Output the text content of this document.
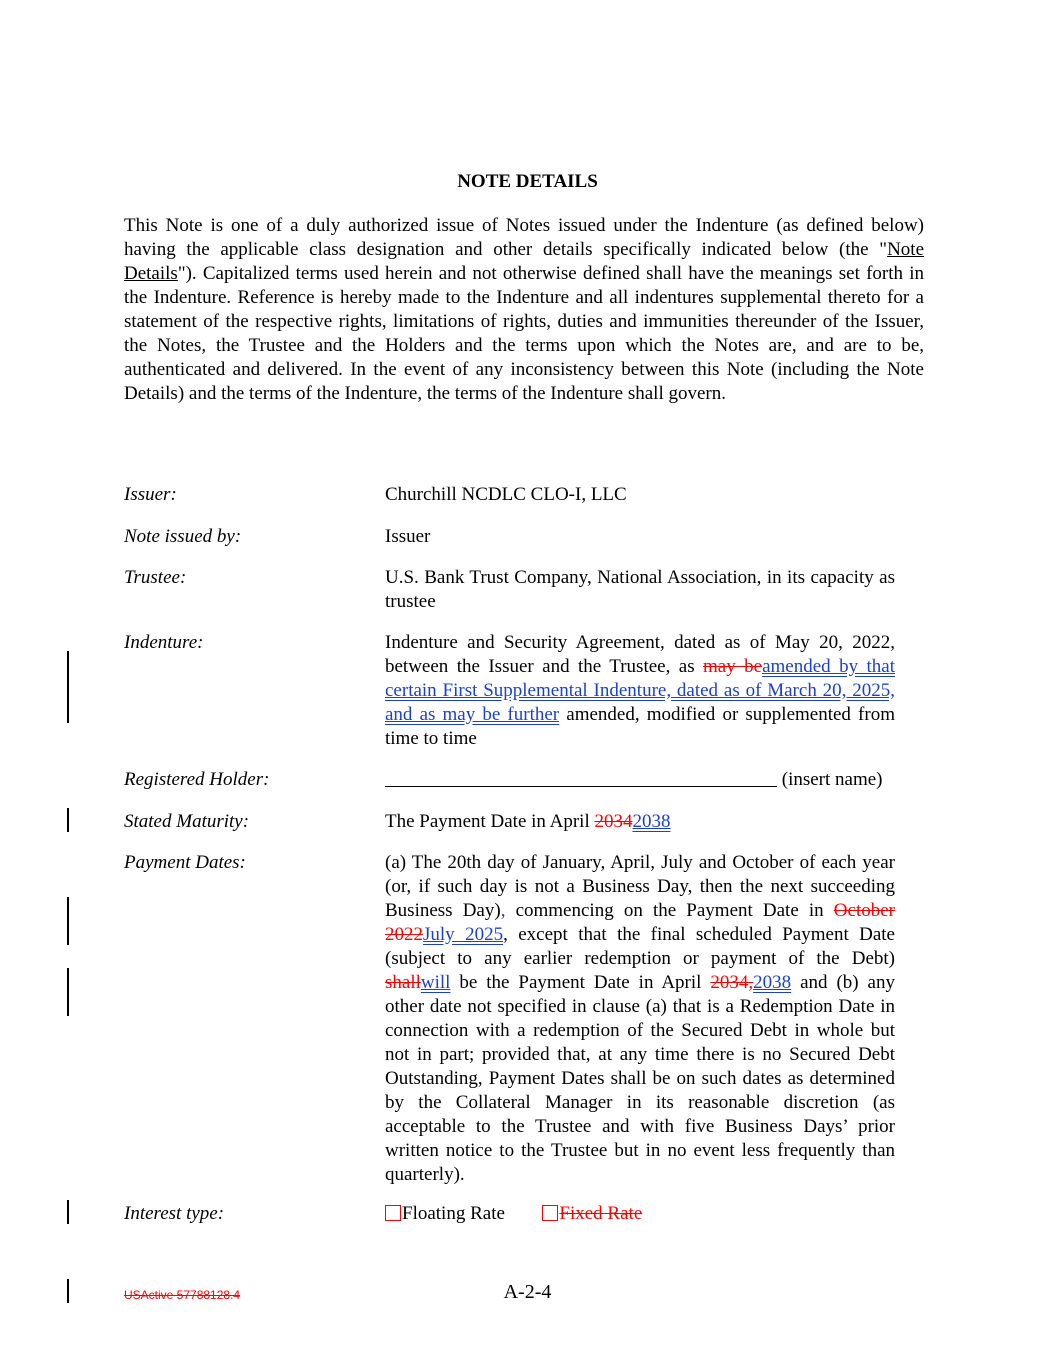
NOTE DETAILS
This Note is one of a duly authorized issue of Notes issued under the Indenture (as defined below) having the applicable class designation and other details specifically indicated below (the "Note Details"). Capitalized terms used herein and not otherwise defined shall have the meanings set forth in the Indenture. Reference is hereby made to the Indenture and all indentures supplemental thereto for a statement of the respective rights, limitations of rights, duties and immunities thereunder of the Issuer, the Notes, the Trustee and the Holders and the terms upon which the Notes are, and are to be, authenticated and delivered. In the event of any inconsistency between this Note (including the Note Details) and the terms of the Indenture, the terms of the Indenture shall govern.
Issuer:	Churchill NCDLC CLO-I, LLC
Note issued by:	Issuer
Trustee:	U.S. Bank Trust Company, National Association, in its capacity as trustee
Indenture:	Indenture and Security Agreement, dated as of May 20, 2022, between the Issuer and the Trustee, as may beamended by that certain First Supplemental Indenture, dated as of March 20, 2025, and as may be further amended, modified or supplemented from time to time
Registered Holder:	(insert name)
Stated Maturity:	The Payment Date in April 20342038
Payment Dates:	(a) The 20th day of January, April, July and October of each year (or, if such day is not a Business Day, then the next succeeding Business Day), commencing on the Payment Date in October 2022July 2025, except that the final scheduled Payment Date (subject to any earlier redemption or payment of the Debt) shallwill be the Payment Date in April 2034,2038 and (b) any other date not specified in clause (a) that is a Redemption Date in connection with a redemption of the Secured Debt in whole but not in part; provided that, at any time there is no Secured Debt Outstanding, Payment Dates shall be on such dates as determined by the Collateral Manager in its reasonable discretion (as acceptable to the Trustee and with five Business Days’ prior written notice to the Trustee but in no event less frequently than quarterly).
Interest type:	Floating Rate	Fixed Rate
USActive 57788128.4	A-2-4
